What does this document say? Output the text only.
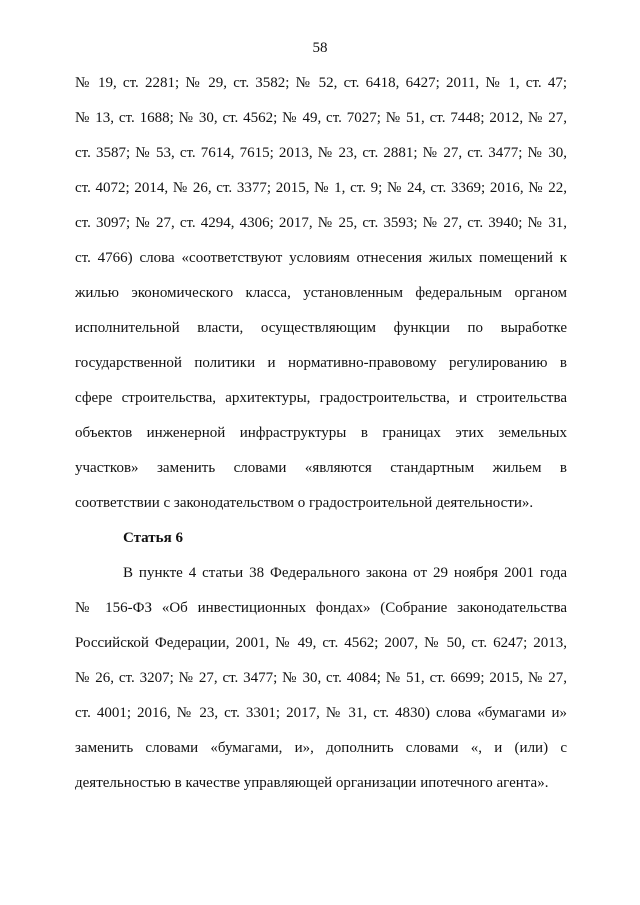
58
№ 19, ст. 2281; № 29, ст. 3582; № 52, ст. 6418, 6427; 2011, № 1, ст. 47;
№ 13, ст. 1688; № 30, ст. 4562; № 49, ст. 7027; № 51, ст. 7448; 2012, № 27,
ст. 3587; № 53, ст. 7614, 7615; 2013, № 23, ст. 2881; № 27, ст. 3477; № 30,
ст. 4072; 2014, № 26, ст. 3377; 2015, № 1, ст. 9; № 24, ст. 3369; 2016, № 22,
ст. 3097; № 27, ст. 4294, 4306; 2017, № 25, ст. 3593; № 27, ст. 3940; № 31,
ст. 4766) слова «соответствуют условиям отнесения жилых помещений к
жилью экономического класса, установленным федеральным органом
исполнительной власти, осуществляющим функции по выработке
государственной политики и нормативно-правовому регулированию в
сфере строительства, архитектуры, градостроительства, и строительства
объектов инженерной инфраструктуры в границах этих земельных
участков» заменить словами «являются стандартным жильем в
соответствии с законодательством о градостроительной деятельности».
Статья 6
В пункте 4 статьи 38 Федерального закона от 29 ноября 2001 года
№ 156-ФЗ «Об инвестиционных фондах» (Собрание законодательства
Российской Федерации, 2001, № 49, ст. 4562; 2007, № 50, ст. 6247; 2013,
№ 26, ст. 3207; № 27, ст. 3477; № 30, ст. 4084; № 51, ст. 6699; 2015, № 27,
ст. 4001; 2016, № 23, ст. 3301; 2017, № 31, ст. 4830) слова «бумагами и»
заменить словами «бумагами, и», дополнить словами «, и (или) с
деятельностью в качестве управляющей организации ипотечного агента».
